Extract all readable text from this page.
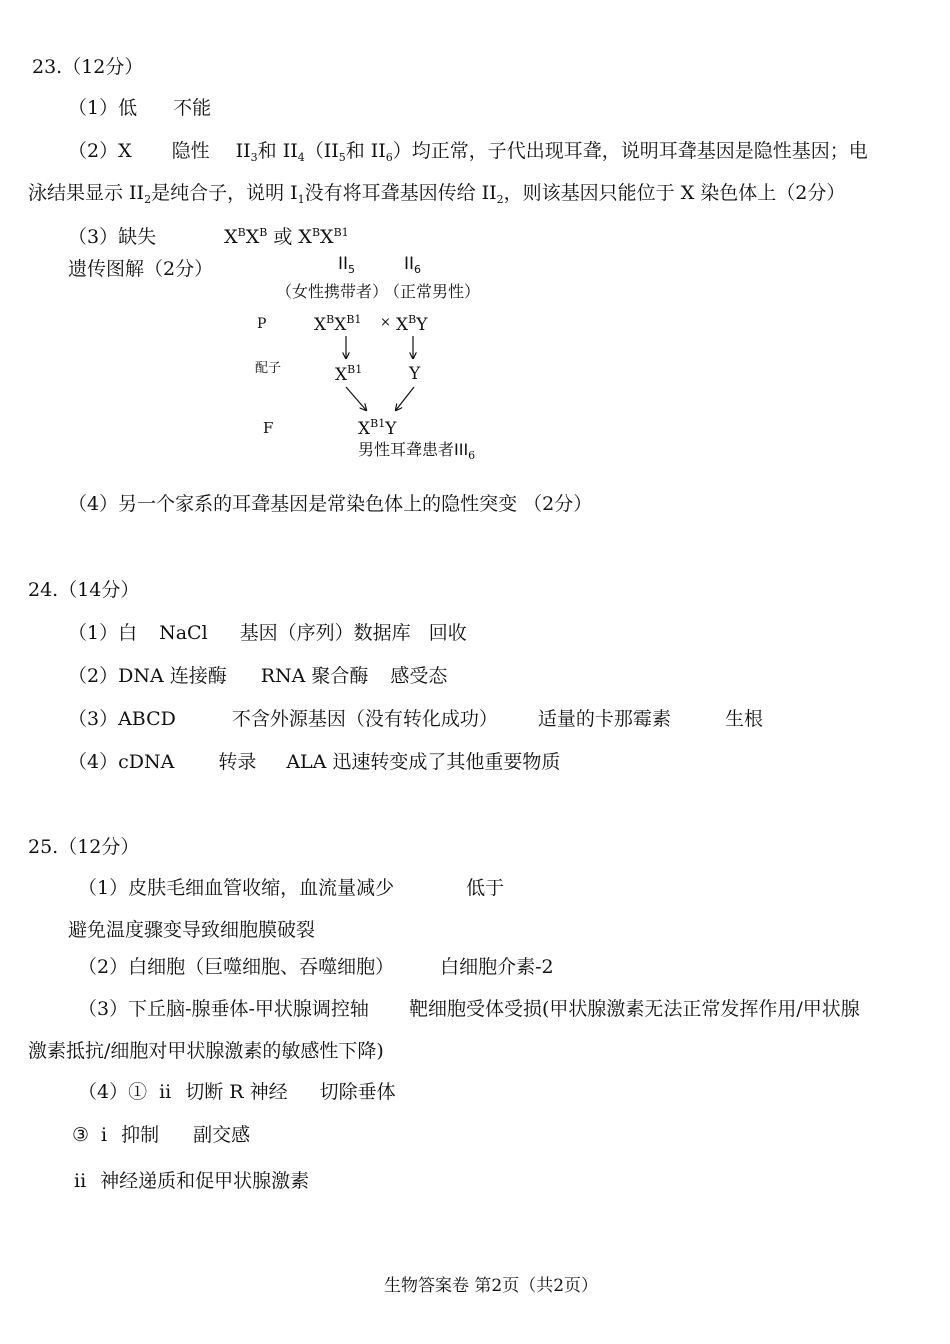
23.（12分）
（1）低 不能
（2）X 隐性 $II_3$和 $II_4(II_5$和 $II_6$）均正常，子代出现耳聋，说明耳聋基因是隐性基因；电
泳结果显示 $II_2$是纯合子，说明 $I_1$没有将耳聋基因传给 $II_2$，则该基因只能位于 X 染色体上（2分）
（3）缺失	$X^BX^B$ 或 $X^BX^{B1}$
遗传图解（2分）	$II_5$	$II_6$
（女性携带者）
（正常男性）
P
配子
F
$X^BX^{B1} \times X^BY$
$X^{B1}$	Y
$X^{B1}Y$
男性耳聋患者$III_6$
（4）另一个家系的耳聋基因是常染色体上的隐性突变 （2分）
24.（14分）
（1）白 NaCl 基因（序列）数据库 回收
（2）DNA 连接酶 RNA 聚合酶 感受态
（3）ABCD	不含外源基因（没有转化成功） 适量的卡那霉素	生根
（4）cDNA 转录 ALA 迅速转变成了其他重要物质
25.（12分）
（1）皮肤毛细血管收缩，血流量减少	低于
避免温度骤变导致细胞膜破裂
（2）白细胞（巨噬细胞、吞噬细胞） 白细胞介素-2
（3）下丘脑-腺垂体-甲状腺调控轴 靶细胞受体受损(甲状腺激素无法正常发挥作用/甲状腺
激素抵抗/细胞对甲状腺激素的敏感性下降)
（4）① ii 切断 R 神经 切除垂体
③ i 抑制 副交感
ii 神经递质和促甲状腺激素
生物答案卷 第2页（共2页）
